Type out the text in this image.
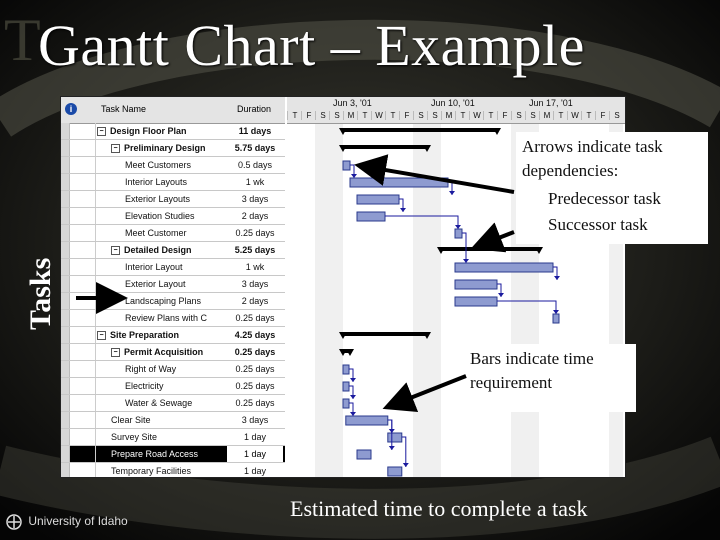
T
Gantt Chart – Example
Tasks
i	Task Name	Duration
− Design Floor Plan	11 days
− Preliminary Design	5.75 days
Meet Customers	0.5 days
Interior Layouts	1 wk
Exterior Layouts	3 days
Elevation Studies	2 days
Meet Customer	0.25 days
− Detailed Design	5.25 days
Interior Layout	1 wk
Exterior Layout	3 days
Landscaping Plans	2 days
Review Plans with C	0.25 days
− Site Preparation	4.25 days
− Permit Acquisition	0.25 days
Right of Way	0.25 days
Electricity	0.25 days
Water & Sewage	0.25 days
Clear Site	3 days
Survey Site	1 day
Prepare Road Access	1 day
Temporary Facilities	1 day
T	F	S	S M	T W T	F	S	S M	T W T	F	S	S M	T W T	F	S
Jun 3, '01	Jun 10, '01	Jun 17, '01
Arrows indicate task
dependencies:
Predecessor task
Successor task
Bars indicate time
requirement
Estimated time to complete a task
University of Idaho
